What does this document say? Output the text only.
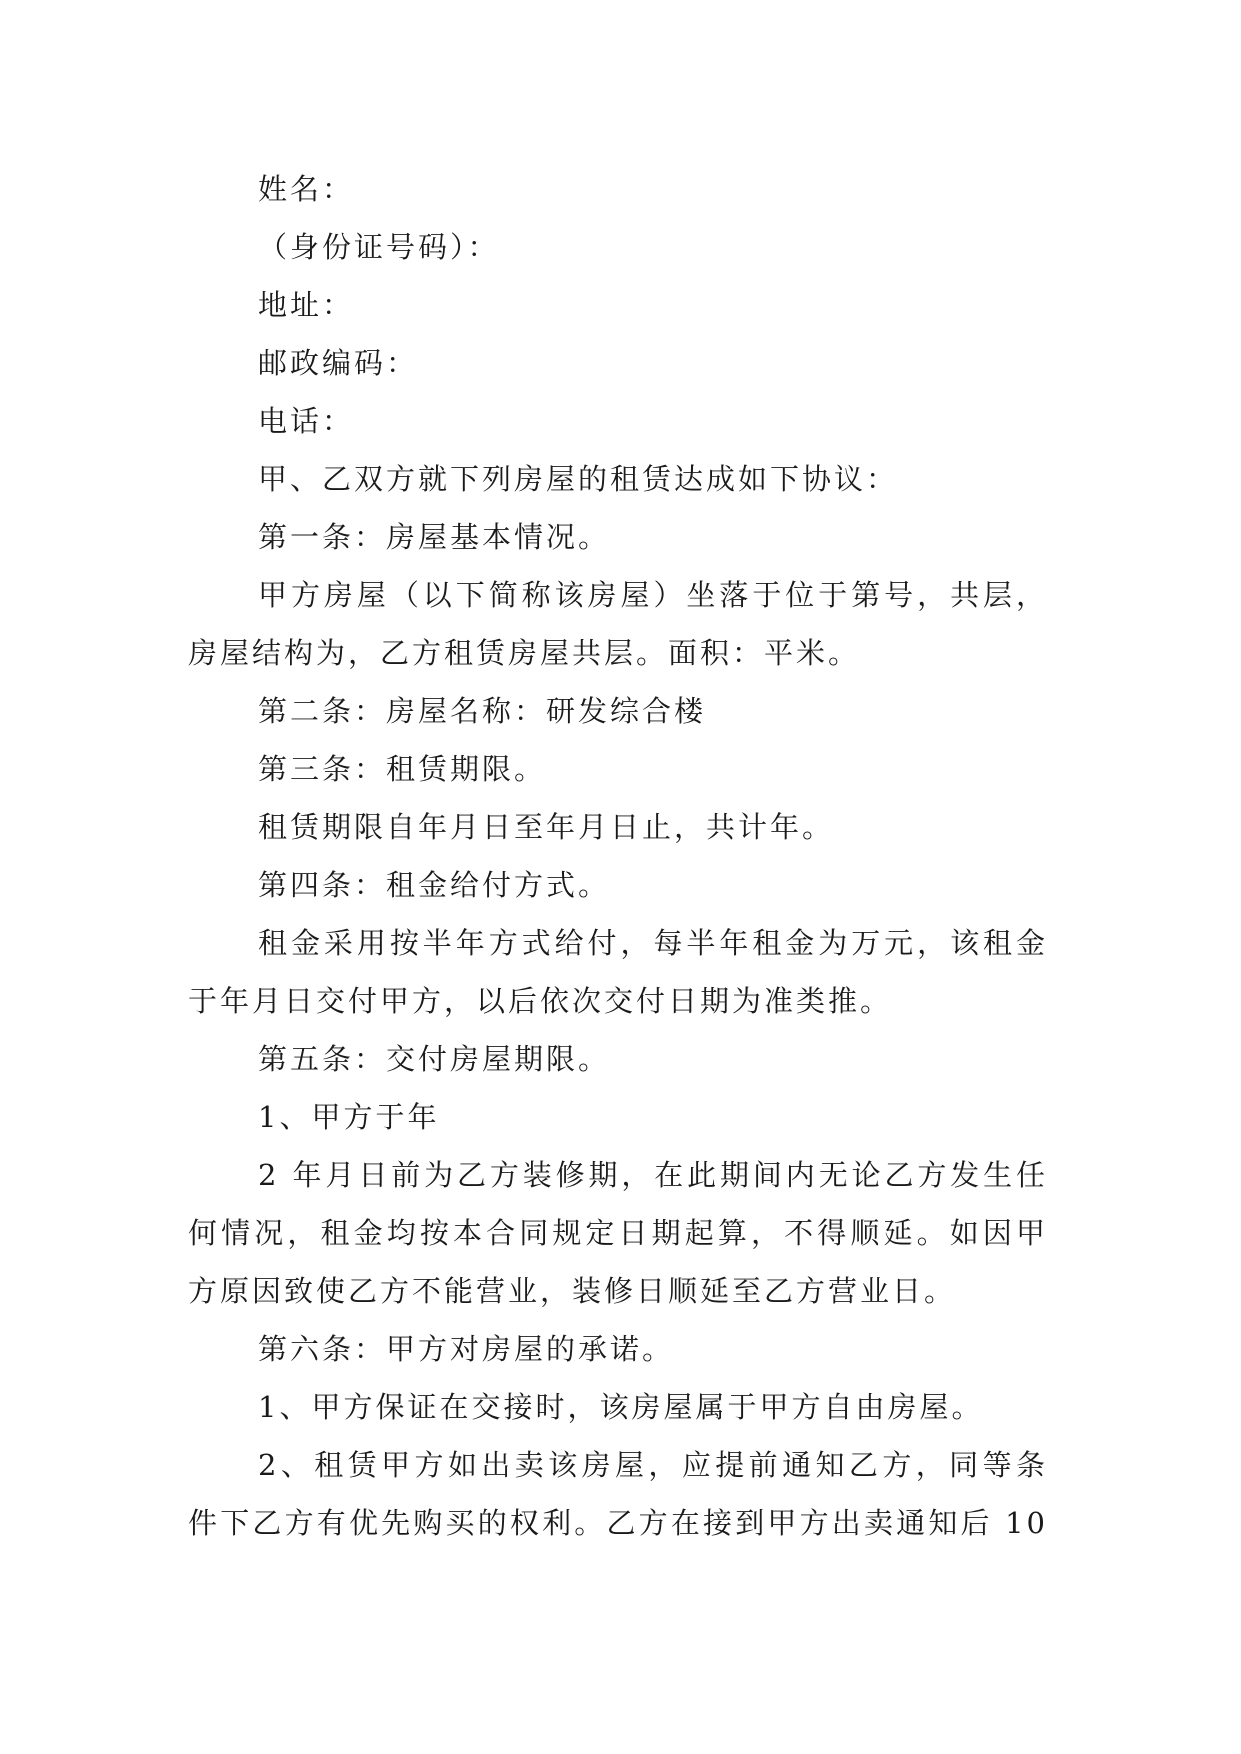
姓名：
（身份证号码）：
地址：
邮政编码：
电话：
甲、乙双方就下列房屋的租赁达成如下协议：
第一条：房屋基本情况。
甲方房屋（以下简称该房屋）坐落于位于第号，共层，
房屋结构为，乙方租赁房屋共层。面积：平米。
第二条：房屋名称：研发综合楼
第三条：租赁期限。
租赁期限自年月日至年月日止，共计年。
第四条：租金给付方式。
租金采用按半年方式给付，每半年租金为万元，该租金
于年月日交付甲方，以后依次交付日期为准类推。
第五条：交付房屋期限。
1、甲方于年
2 年月日前为乙方装修期，在此期间内无论乙方发生任
何情况，租金均按本合同规定日期起算，不得顺延。如因甲
方原因致使乙方不能营业，装修日顺延至乙方营业日。
第六条：甲方对房屋的承诺。
1、甲方保证在交接时，该房屋属于甲方自由房屋。
2、租赁甲方如出卖该房屋，应提前通知乙方，同等条
件下乙方有优先购买的权利。乙方在接到甲方出卖通知后 10
